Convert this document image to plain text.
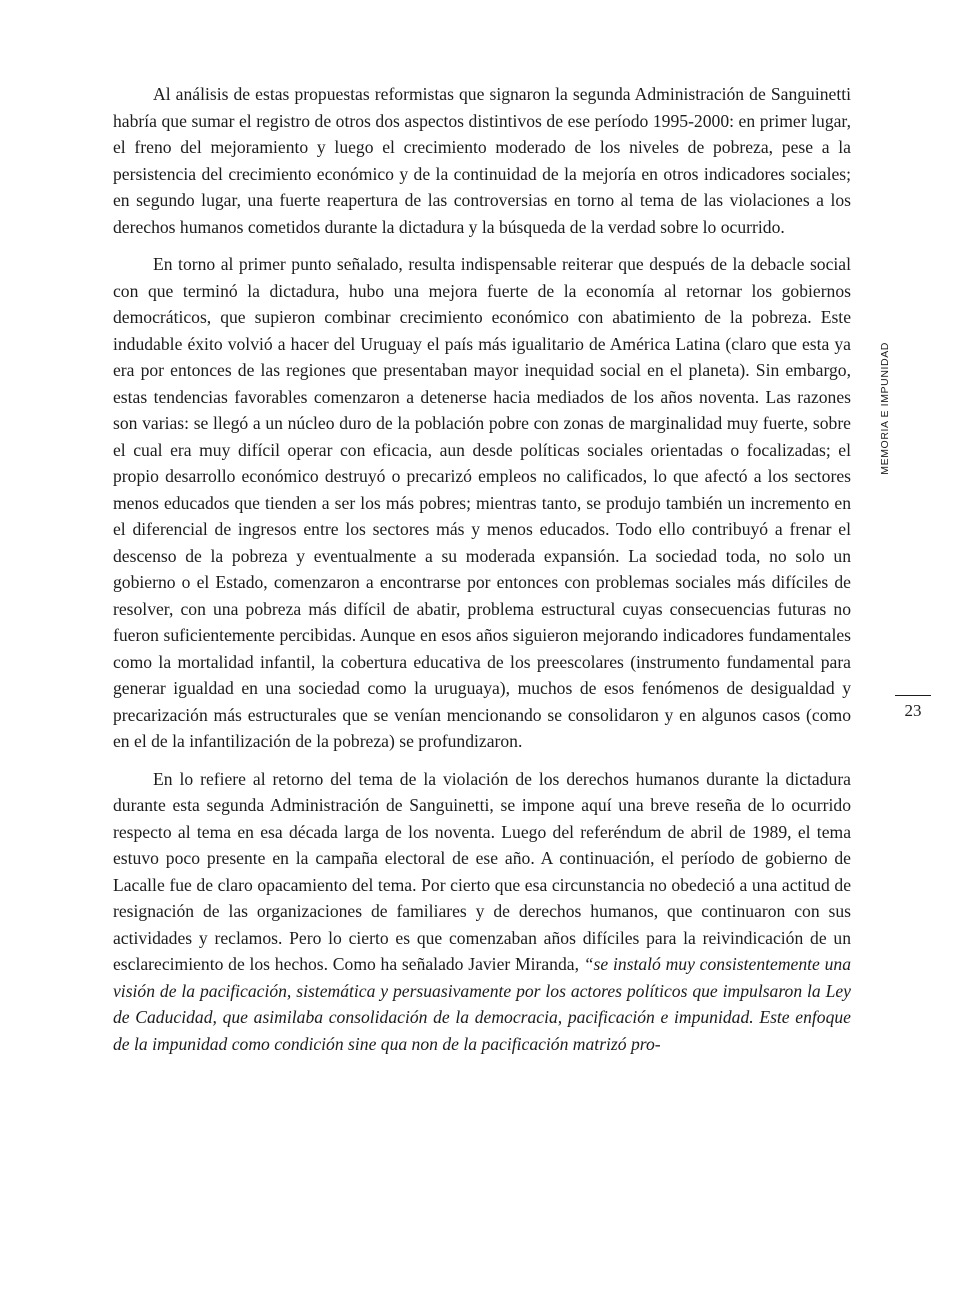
Al análisis de estas propuestas reformistas que signaron la segunda Administración de Sanguinetti habría que sumar el registro de otros dos aspectos distintivos de ese período 1995-2000: en primer lugar, el freno del mejoramiento y luego el crecimiento moderado de los niveles de pobreza, pese a la persistencia del crecimiento económico y de la continuidad de la mejoría en otros indicadores sociales; en segundo lugar, una fuerte reapertura de las controversias en torno al tema de las violaciones a los derechos humanos cometidos durante la dictadura y la búsqueda de la verdad sobre lo ocurrido.

En torno al primer punto señalado, resulta indispensable reiterar que después de la debacle social con que terminó la dictadura, hubo una mejora fuerte de la economía al retornar los gobiernos democráticos, que supieron combinar crecimiento económico con abatimiento de la pobreza. Este indudable éxito volvió a hacer del Uruguay el país más igualitario de América Latina (claro que esta ya era por entonces de las regiones que presentaban mayor inequidad social en el planeta). Sin embargo, estas tendencias favorables comenzaron a detenerse hacia mediados de los años noventa. Las razones son varias: se llegó a un núcleo duro de la población pobre con zonas de marginalidad muy fuerte, sobre el cual era muy difícil operar con eficacia, aun desde políticas sociales orientadas o focalizadas; el propio desarrollo económico destruyó o precarizó empleos no calificados, lo que afectó a los sectores menos educados que tienden a ser los más pobres; mientras tanto, se produjo también un incremento en el diferencial de ingresos entre los sectores más y menos educados. Todo ello contribuyó a frenar el descenso de la pobreza y eventualmente a su moderada expansión. La sociedad toda, no solo un gobierno o el Estado, comenzaron a encontrarse por entonces con problemas sociales más difíciles de resolver, con una pobreza más difícil de abatir, problema estructural cuyas consecuencias futuras no fueron suficientemente percibidas. Aunque en esos años siguieron mejorando indicadores fundamentales como la mortalidad infantil, la cobertura educativa de los preescolares (instrumento fundamental para generar igualdad en una sociedad como la uruguaya), muchos de esos fenómenos de desigualdad y precarización más estructurales que se venían mencionando se consolidaron y en algunos casos (como en el de la infantilización de la pobreza) se profundizaron.

En lo refiere al retorno del tema de la violación de los derechos humanos durante la dictadura durante esta segunda Administración de Sanguinetti, se impone aquí una breve reseña de lo ocurrido respecto al tema en esa década larga de los noventa. Luego del referéndum de abril de 1989, el tema estuvo poco presente en la campaña electoral de ese año. A continuación, el período de gobierno de Lacalle fue de claro opacamiento del tema. Por cierto que esa circunstancia no obedeció a una actitud de resignación de las organizaciones de familiares y de derechos humanos, que continuaron con sus actividades y reclamos. Pero lo cierto es que comenzaban años difíciles para la reivindicación de un esclarecimiento de los hechos. Como ha señalado Javier Miranda, “se instaló muy consistentemente una visión de la pacificación, sistemática y persuasivamente por los actores políticos que impulsaron la Ley de Caducidad, que asimilaba consolidación de la democracia, pacificación e impunidad. Este enfoque de la impunidad como condición sine qua non de la pacificación matrizó pro-

MEMORIA E IMPUNIDAD
23
